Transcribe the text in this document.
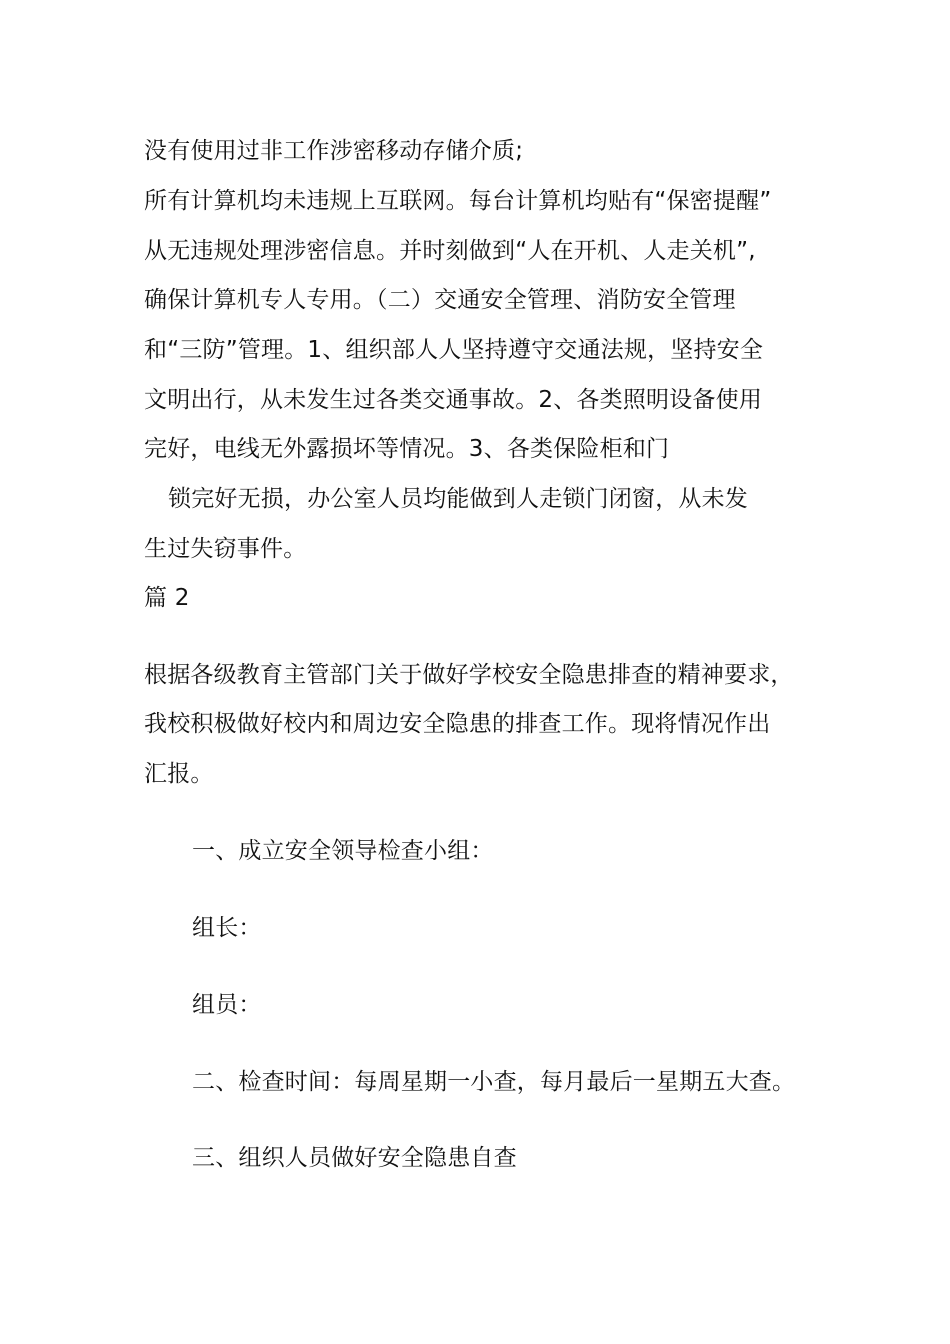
没有使用过非工作涉密移动存储介质;
所有计算机均未违规上互联网。每台计算机均贴有“保密提醒”
从无违规处理涉密信息。并时刻做到“人在开机、人走关机”,
确保计算机专人专用。（二）交通安全管理、消防安全管理
和“三防”管理。1、组织部人人坚持遵守交通法规，坚持安全
文明出行，从未发生过各类交通事故。2、各类照明设备使用
完好，电线无外露损坏等情况。3、各类保险柜和门
锁完好无损，办公室人员均能做到人走锁门闭窗，从未发
生过失窃事件。
篇 2
根据各级教育主管部门关于做好学校安全隐患排查的精神要求，
我校积极做好校内和周边安全隐患的排查工作。现将情况作出
汇报。
一、成立安全领导检查小组：
组长：
组员：
二、检查时间：每周星期一小查，每月最后一星期五大查。
三、组织人员做好安全隐患自查
